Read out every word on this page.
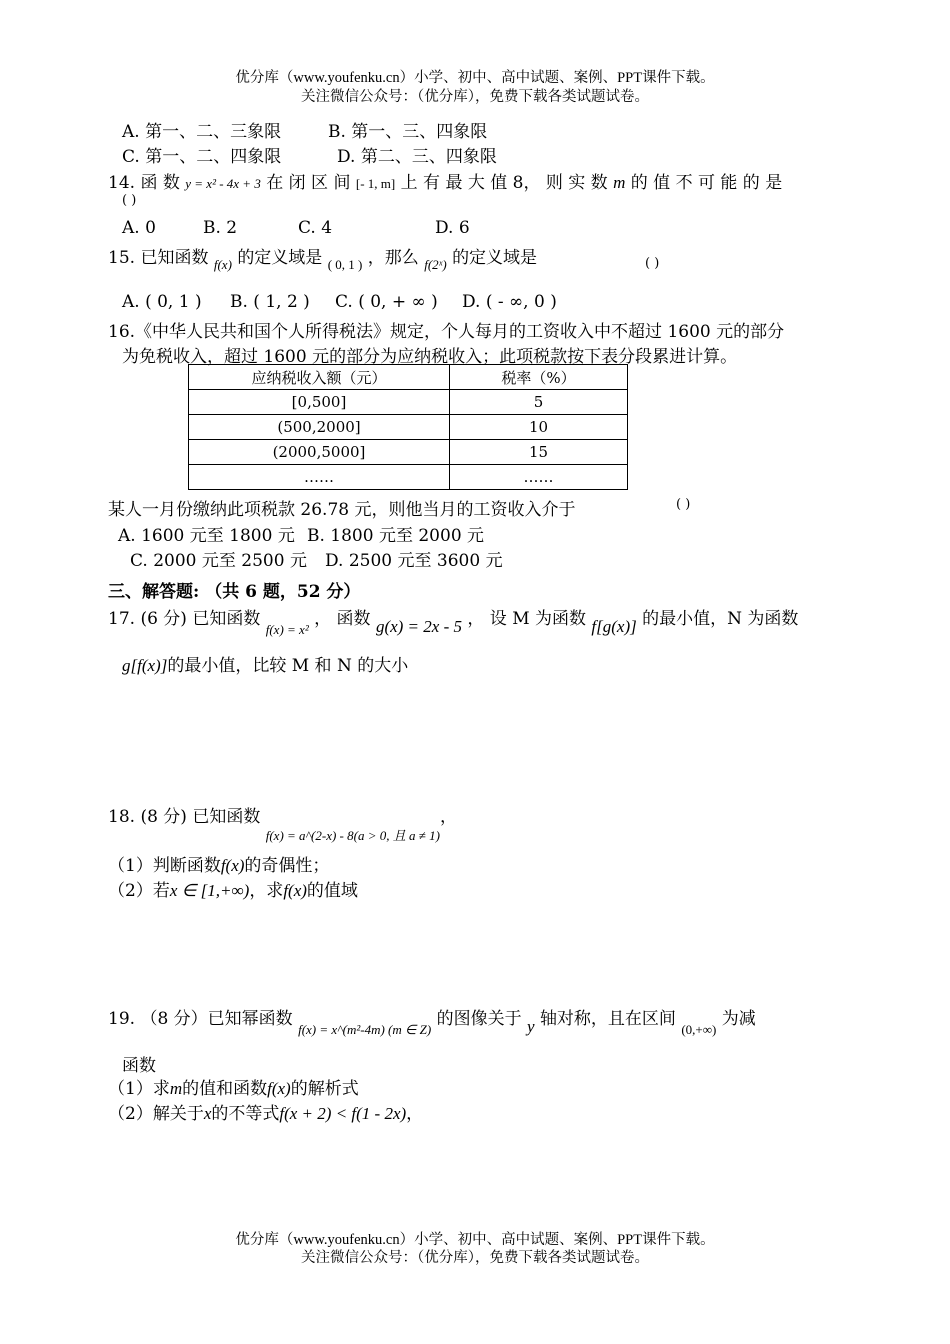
优分库（www.youfenku.cn）小学、初中、高中试题、案例、PPT课件下载。
关注微信公众号：（优分库），免费下载各类试题试卷。
A. 第一、二、三象限	B. 第一、三、四象限
C. 第一、二、四象限	D. 第二、三、四象限
14. 函 数 y = x² - 4x + 3 在 闭 区 间 [- 1, m] 上 有 最 大 值 8， 则 实 数 m 的 值 不 可 能 的 是
( )
A. 0	B. 2	C. 4	D. 6
15. 已知函数 $_{f(x)}$ 的定义域是 $_{( 0, 1 )}$ ，那么 $_{f(2ˣ)}$ 的定义域是	( )
A. ( 0, 1 ) B. ( 1, 2 ) C. ( 0, + ∞ ) D. ( - ∞, 0 )
16.《中华人民共和国个人所得税法》规定，个人每月的工资收入中不超过 1600 元的部分
为免税收入，超过 1600 元的部分为应纳税收入；此项税款按下表分段累进计算。
应纳税收入额（元）	税率（%）
[0,500]	5
(500,2000]	10
(2000,5000]	15
……	……
某人一月份缴纳此项税款 26.78 元，则他当月的工资收入介于	( )
A. 1600 元至 1800 元 B. 1800 元至 2000 元
C. 2000 元至 2500 元 D. 2500 元至 3600 元
三、解答题: （共 6 题，52 分）
17. (6 分) 已知函数 $_{f(x) = x^2}$ ， 函数 g(x) = 2x - 5 ， 设 M 为函数 f[g(x)] 的最小值，N 为函数
g[f(x)]的最小值，比较 M 和 N 的大小
18. (8 分) 已知函数 $_{f(x) = a\^{}(2-x) - 8(a > 0, 且 a \ne 1)}$，
（1）判断函数f(x)的奇偶性；
（2）若x ∈ [1,+∞)，求f(x)的值域
19. （8 分）已知幂函数 $_{f(x) = x\^{}(m^2-4m) (m \in Z)}$ 的图像关于 y 轴对称，且在区间 $_{(0,+\infty)}$ 为减
函数
（1）求m的值和函数f(x)的解析式
（2）解关于x的不等式f(x + 2) < f(1 - 2x)，
优分库（www.youfenku.cn）小学、初中、高中试题、案例、PPT课件下载。
关注微信公众号：（优分库），免费下载各类试题试卷。
